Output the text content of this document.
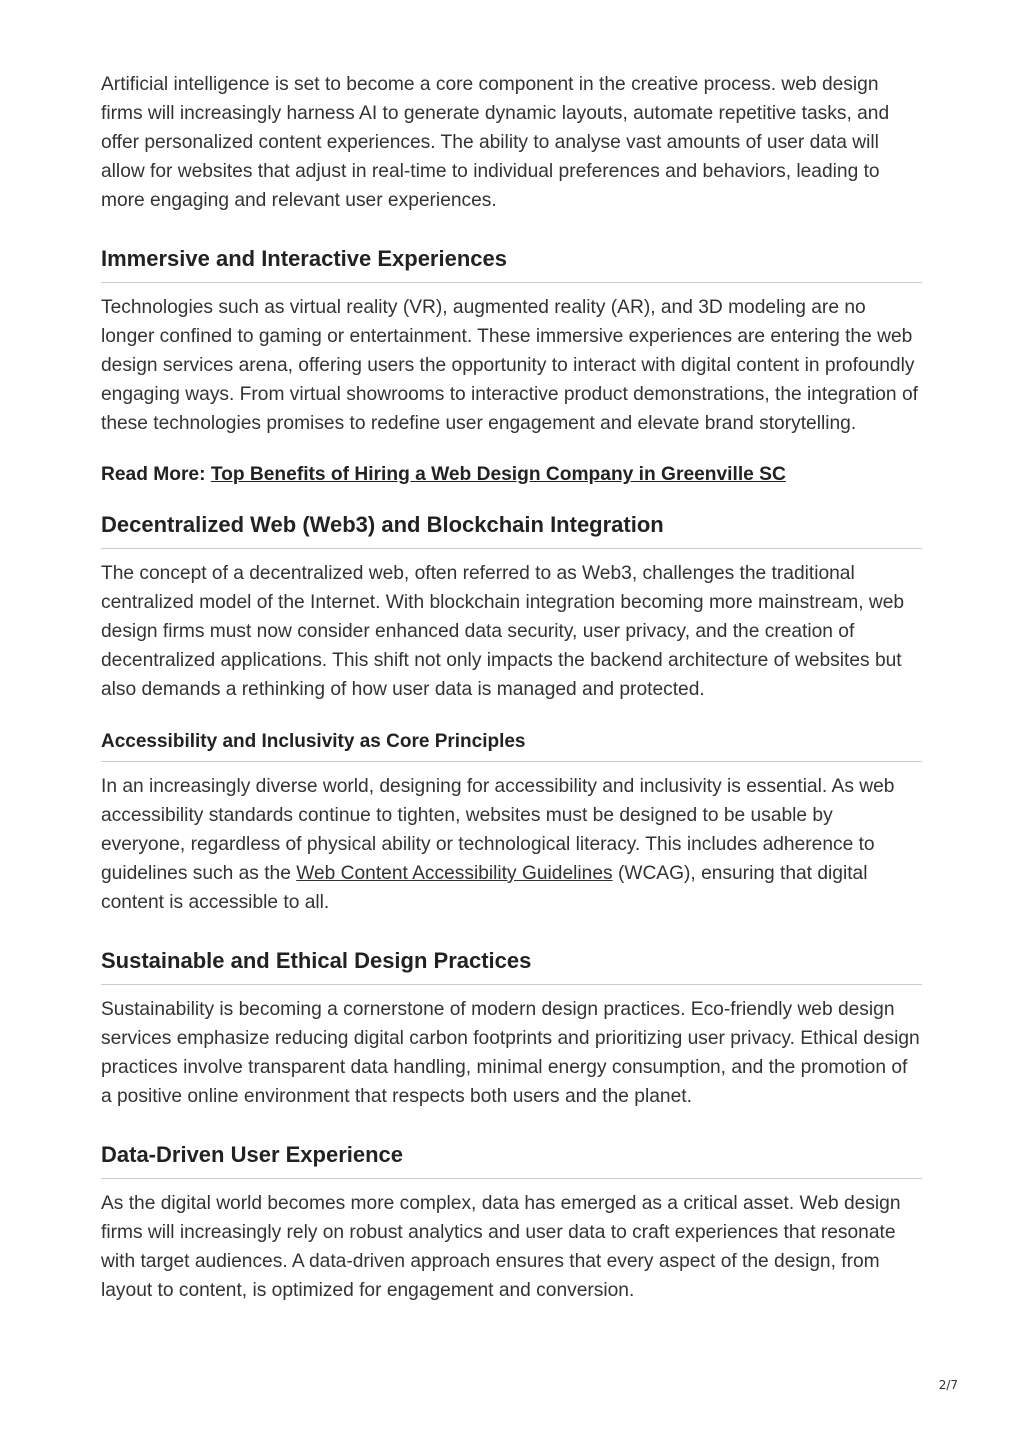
Artificial intelligence is set to become a core component in the creative process. web design firms will increasingly harness AI to generate dynamic layouts, automate repetitive tasks, and offer personalized content experiences. The ability to analyse vast amounts of user data will allow for websites that adjust in real-time to individual preferences and behaviors, leading to more engaging and relevant user experiences.

Immersive and Interactive Experiences

Technologies such as virtual reality (VR), augmented reality (AR), and 3D modeling are no longer confined to gaming or entertainment. These immersive experiences are entering the web design services arena, offering users the opportunity to interact with digital content in profoundly engaging ways. From virtual showrooms to interactive product demonstrations, the integration of these technologies promises to redefine user engagement and elevate brand storytelling.

Read More: Top Benefits of Hiring a Web Design Company in Greenville SC

Decentralized Web (Web3) and Blockchain Integration

The concept of a decentralized web, often referred to as Web3, challenges the traditional centralized model of the Internet. With blockchain integration becoming more mainstream, web design firms must now consider enhanced data security, user privacy, and the creation of decentralized applications. This shift not only impacts the backend architecture of websites but also demands a rethinking of how user data is managed and protected.

Accessibility and Inclusivity as Core Principles

In an increasingly diverse world, designing for accessibility and inclusivity is essential. As web accessibility standards continue to tighten, websites must be designed to be usable by everyone, regardless of physical ability or technological literacy. This includes adherence to guidelines such as the Web Content Accessibility Guidelines (WCAG), ensuring that digital content is accessible to all.

Sustainable and Ethical Design Practices

Sustainability is becoming a cornerstone of modern design practices. Eco-friendly web design services emphasize reducing digital carbon footprints and prioritizing user privacy. Ethical design practices involve transparent data handling, minimal energy consumption, and the promotion of a positive online environment that respects both users and the planet.

Data-Driven User Experience

As the digital world becomes more complex, data has emerged as a critical asset. Web design firms will increasingly rely on robust analytics and user data to craft experiences that resonate with target audiences. A data-driven approach ensures that every aspect of the design, from layout to content, is optimized for engagement and conversion.

2/7
